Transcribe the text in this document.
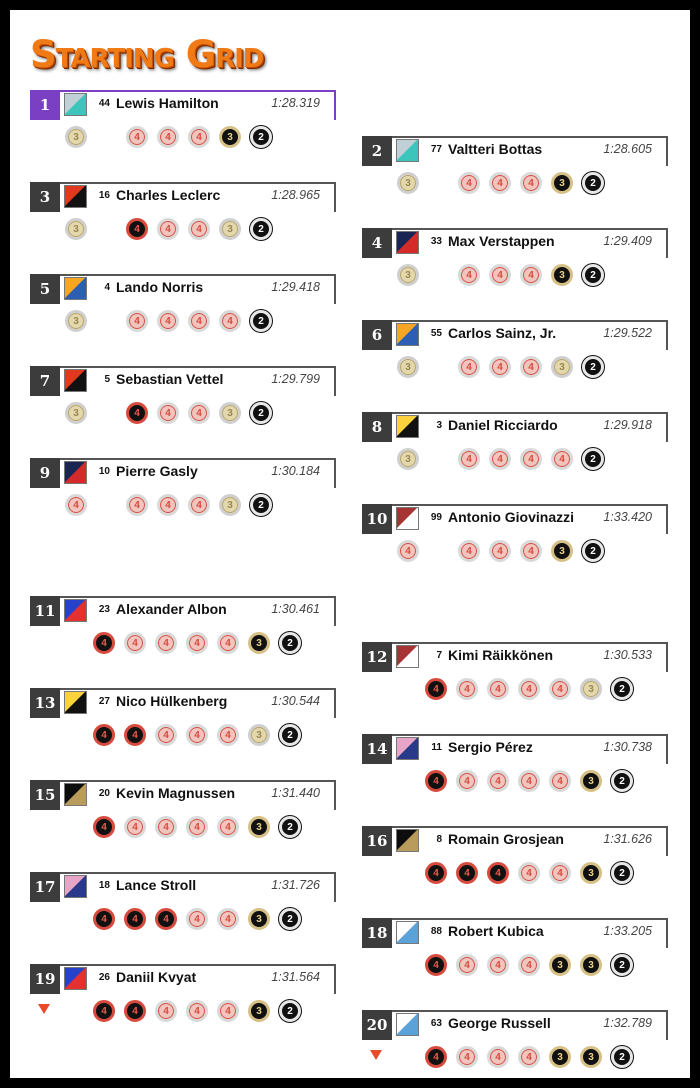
Starting Grid
1	44 Lewis Hamilton	1:28.319
3	4	4	4	3	2
2	77 Valtteri Bottas	1:28.605
3	4	4	4	3	2
3	16 Charles Leclerc	1:28.965
3	4	4	4	3	2
4	33 Max Verstappen	1:29.409
3	4	4	4	3	2
5	4 Lando Norris	1:29.418
3	4	4	4	4	2
6	55 Carlos Sainz, Jr.	1:29.522
3	4	4	4	3	2
7	5 Sebastian Vettel	1:29.799
3	4	4	4	3	2
8	3 Daniel Ricciardo	1:29.918
3	4	4	4	4	2
9	10 Pierre Gasly	1:30.184
4	4	4	4	3	2
10	99 Antonio Giovinazzi 1:33.420
4	4	4	4	3	2
11	23 Alexander Albon	1:30.461
4	4	4	4	4	3	2
12	7 Kimi Räikkönen	1:30.533
4	4	4	4	4	3	2
13	27 Nico Hülkenberg	1:30.544
4	4	4	4	4	3	2
14	11 Sergio Pérez	1:30.738
4	4	4	4	4	3	2
15	20 Kevin Magnussen	1:31.440
4	4	4	4	4	3	2
16	8 Romain Grosjean	1:31.626
4	4	4	4	4	3	2
17	18 Lance Stroll	1:31.726
4	4	4	4	4	3	2
18	88 Robert Kubica	1:33.205
4	4	4	4	3	3	2
19	26 Daniil Kvyat	1:31.564
4	4	4	4	4	3	2
20	63 George Russell	1:32.789
4	4	4	4	3	3	2
